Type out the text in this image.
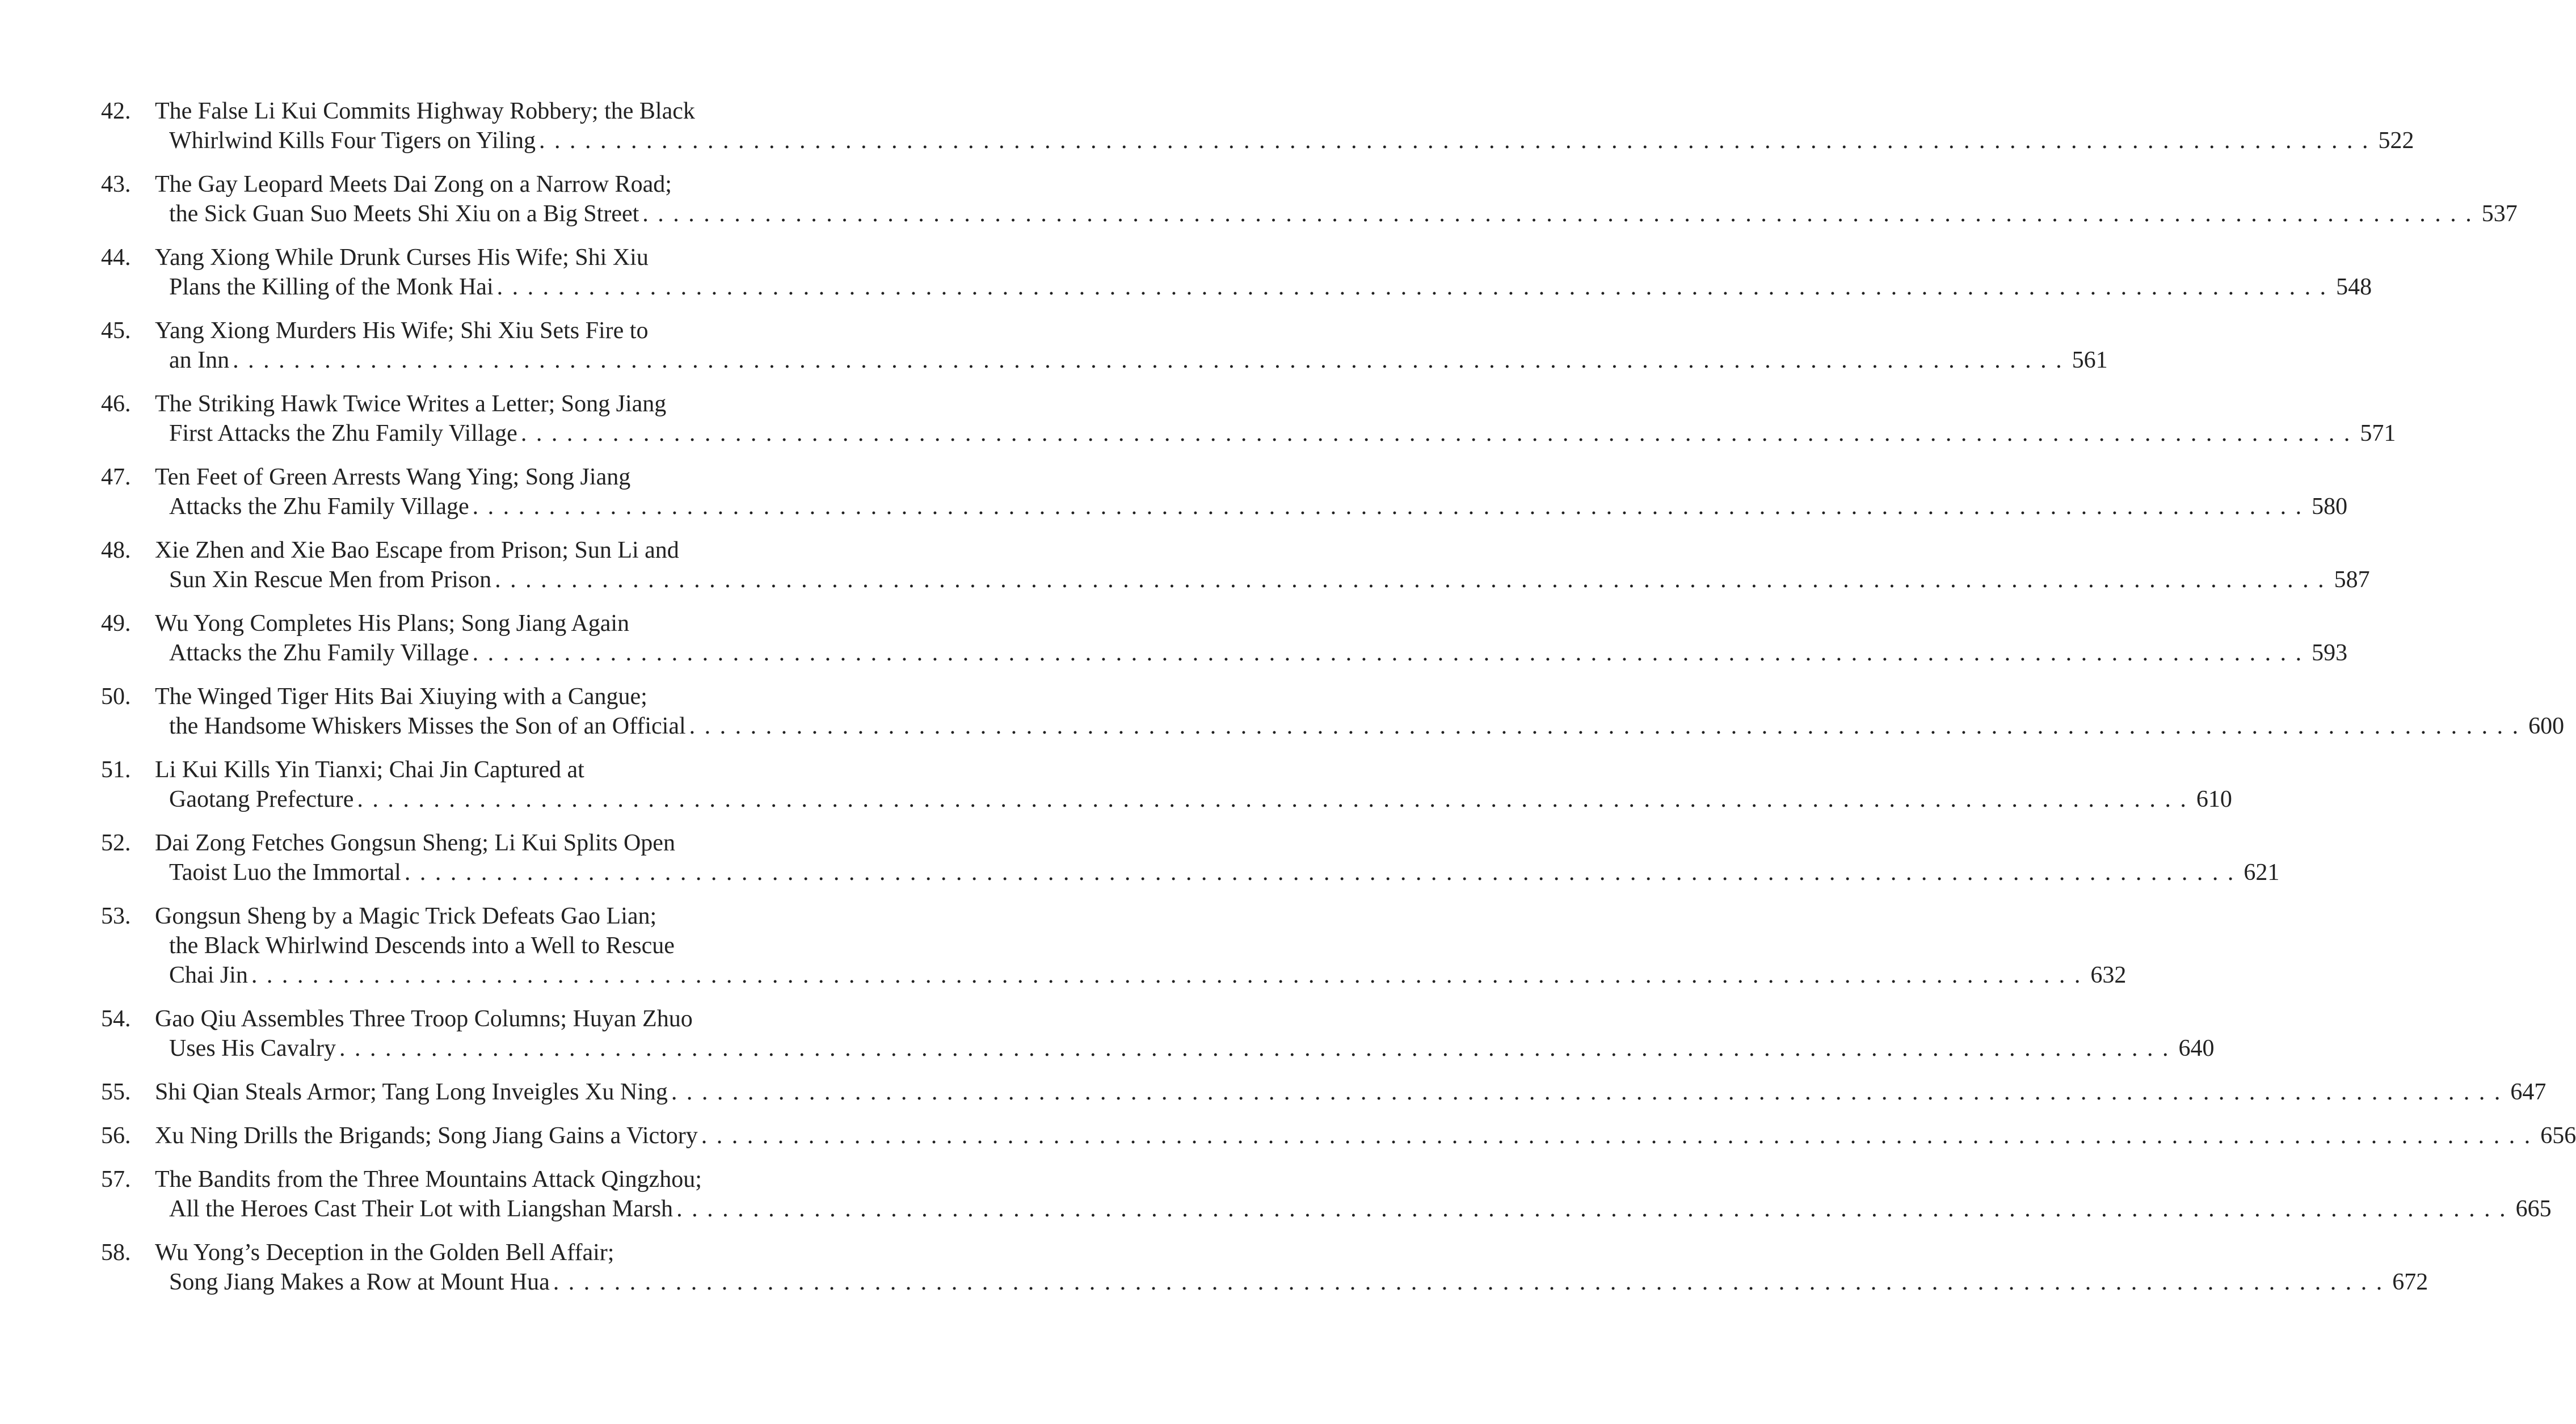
42.	The False Li Kui Commits Highway Robbery; the Black
Whirlwind Kills Four Tigers on Yiling . . . . . . . . . . . . . . . . . . . . . . . . . . . . . . . . . . . . . . . . . . . . . . . . . . . . . . . . . . . . . . . . . . . . . . . . . . . . . . . . . . . . . . . . . . . . . . . . . . . . . . . . . . . . . . . . . . . . . . . . 522
43.	The Gay Leopard Meets Dai Zong on a Narrow Road;
the Sick Guan Suo Meets Shi Xiu on a Big Street . . . . . . . . . . . . . . . . . . . . . . . . . . . . . . . . . . . . . . . . . . . . . . . . . . . . . . . . . . . . . . . . . . . . . . . . . . . . . . . . . . . . . . . . . . . . . . . . . . . . . . . . . . . . . . . . . . . . . . . . 537
44.	Yang Xiong While Drunk Curses His Wife; Shi Xiu
Plans the Killing of the Monk Hai . . . . . . . . . . . . . . . . . . . . . . . . . . . . . . . . . . . . . . . . . . . . . . . . . . . . . . . . . . . . . . . . . . . . . . . . . . . . . . . . . . . . . . . . . . . . . . . . . . . . . . . . . . . . . . . . . . . . . . . . 548
45.	Yang Xiong Murders His Wife; Shi Xiu Sets Fire to
an Inn . . . . . . . . . . . . . . . . . . . . . . . . . . . . . . . . . . . . . . . . . . . . . . . . . . . . . . . . . . . . . . . . . . . . . . . . . . . . . . . . . . . . . . . . . . . . . . . . . . . . . . . . . . . . . . . . . . . . . . . . 561
46.	The Striking Hawk Twice Writes a Letter; Song Jiang
First Attacks the Zhu Family Village . . . . . . . . . . . . . . . . . . . . . . . . . . . . . . . . . . . . . . . . . . . . . . . . . . . . . . . . . . . . . . . . . . . . . . . . . . . . . . . . . . . . . . . . . . . . . . . . . . . . . . . . . . . . . . . . . . . . . . . . 571
47.	Ten Feet of Green Arrests Wang Ying; Song Jiang
Attacks the Zhu Family Village . . . . . . . . . . . . . . . . . . . . . . . . . . . . . . . . . . . . . . . . . . . . . . . . . . . . . . . . . . . . . . . . . . . . . . . . . . . . . . . . . . . . . . . . . . . . . . . . . . . . . . . . . . . . . . . . . . . . . . . . 580
48.	Xie Zhen and Xie Bao Escape from Prison; Sun Li and
Sun Xin Rescue Men from Prison . . . . . . . . . . . . . . . . . . . . . . . . . . . . . . . . . . . . . . . . . . . . . . . . . . . . . . . . . . . . . . . . . . . . . . . . . . . . . . . . . . . . . . . . . . . . . . . . . . . . . . . . . . . . . . . . . . . . . . . . 587
49.	Wu Yong Completes His Plans; Song Jiang Again
Attacks the Zhu Family Village . . . . . . . . . . . . . . . . . . . . . . . . . . . . . . . . . . . . . . . . . . . . . . . . . . . . . . . . . . . . . . . . . . . . . . . . . . . . . . . . . . . . . . . . . . . . . . . . . . . . . . . . . . . . . . . . . . . . . . . . 593
50.	The Winged Tiger Hits Bai Xiuying with a Cangue;
the Handsome Whiskers Misses the Son of an Official . . . . . . . . . . . . . . . . . . . . . . . . . . . . . . . . . . . . . . . . . . . . . . . . . . . . . . . . . . . . . . . . . . . . . . . . . . . . . . . . . . . . . . . . . . . . . . . . . . . . . . . . . . . . . . . . . . . . . . . . 600
51.	Li Kui Kills Yin Tianxi; Chai Jin Captured at
Gaotang Prefecture . . . . . . . . . . . . . . . . . . . . . . . . . . . . . . . . . . . . . . . . . . . . . . . . . . . . . . . . . . . . . . . . . . . . . . . . . . . . . . . . . . . . . . . . . . . . . . . . . . . . . . . . . . . . . . . . . . . . . . . . 610
52.	Dai Zong Fetches Gongsun Sheng; Li Kui Splits Open
Taoist Luo the Immortal . . . . . . . . . . . . . . . . . . . . . . . . . . . . . . . . . . . . . . . . . . . . . . . . . . . . . . . . . . . . . . . . . . . . . . . . . . . . . . . . . . . . . . . . . . . . . . . . . . . . . . . . . . . . . . . . . . . . . . . . 621
53.	Gongsun Sheng by a Magic Trick Defeats Gao Lian;
the Black Whirlwind Descends into a Well to Rescue
Chai Jin . . . . . . . . . . . . . . . . . . . . . . . . . . . . . . . . . . . . . . . . . . . . . . . . . . . . . . . . . . . . . . . . . . . . . . . . . . . . . . . . . . . . . . . . . . . . . . . . . . . . . . . . . . . . . . . . . . . . . . . . 632
54.	Gao Qiu Assembles Three Troop Columns; Huyan Zhuo
Uses His Cavalry . . . . . . . . . . . . . . . . . . . . . . . . . . . . . . . . . . . . . . . . . . . . . . . . . . . . . . . . . . . . . . . . . . . . . . . . . . . . . . . . . . . . . . . . . . . . . . . . . . . . . . . . . . . . . . . . . . . . . . . . 640
55.	Shi Qian Steals Armor; Tang Long Inveigles Xu Ning . . . . . . . . . . . . . . . . . . . . . . . . . . . . . . . . . . . . . . . . . . . . . . . . . . . . . . . . . . . . . . . . . . . . . . . . . . . . . . . . . . . . . . . . . . . . . . . . . . . . . . . . . . . . . . . . . . . . . . . . 647
56.	Xu Ning Drills the Brigands; Song Jiang Gains a Victory . . . . . . . . . . . . . . . . . . . . . . . . . . . . . . . . . . . . . . . . . . . . . . . . . . . . . . . . . . . . . . . . . . . . . . . . . . . . . . . . . . . . . . . . . . . . . . . . . . . . . . . . . . . . . . . . . . . . . . . . 656
57.	The Bandits from the Three Mountains Attack Qingzhou;
All the Heroes Cast Their Lot with Liangshan Marsh . . . . . . . . . . . . . . . . . . . . . . . . . . . . . . . . . . . . . . . . . . . . . . . . . . . . . . . . . . . . . . . . . . . . . . . . . . . . . . . . . . . . . . . . . . . . . . . . . . . . . . . . . . . . . . . . . . . . . . . . 665
58.	Wu Yong’s Deception in the Golden Bell Affair;
Song Jiang Makes a Row at Mount Hua . . . . . . . . . . . . . . . . . . . . . . . . . . . . . . . . . . . . . . . . . . . . . . . . . . . . . . . . . . . . . . . . . . . . . . . . . . . . . . . . . . . . . . . . . . . . . . . . . . . . . . . . . . . . . . . . . . . . . . . . 672
